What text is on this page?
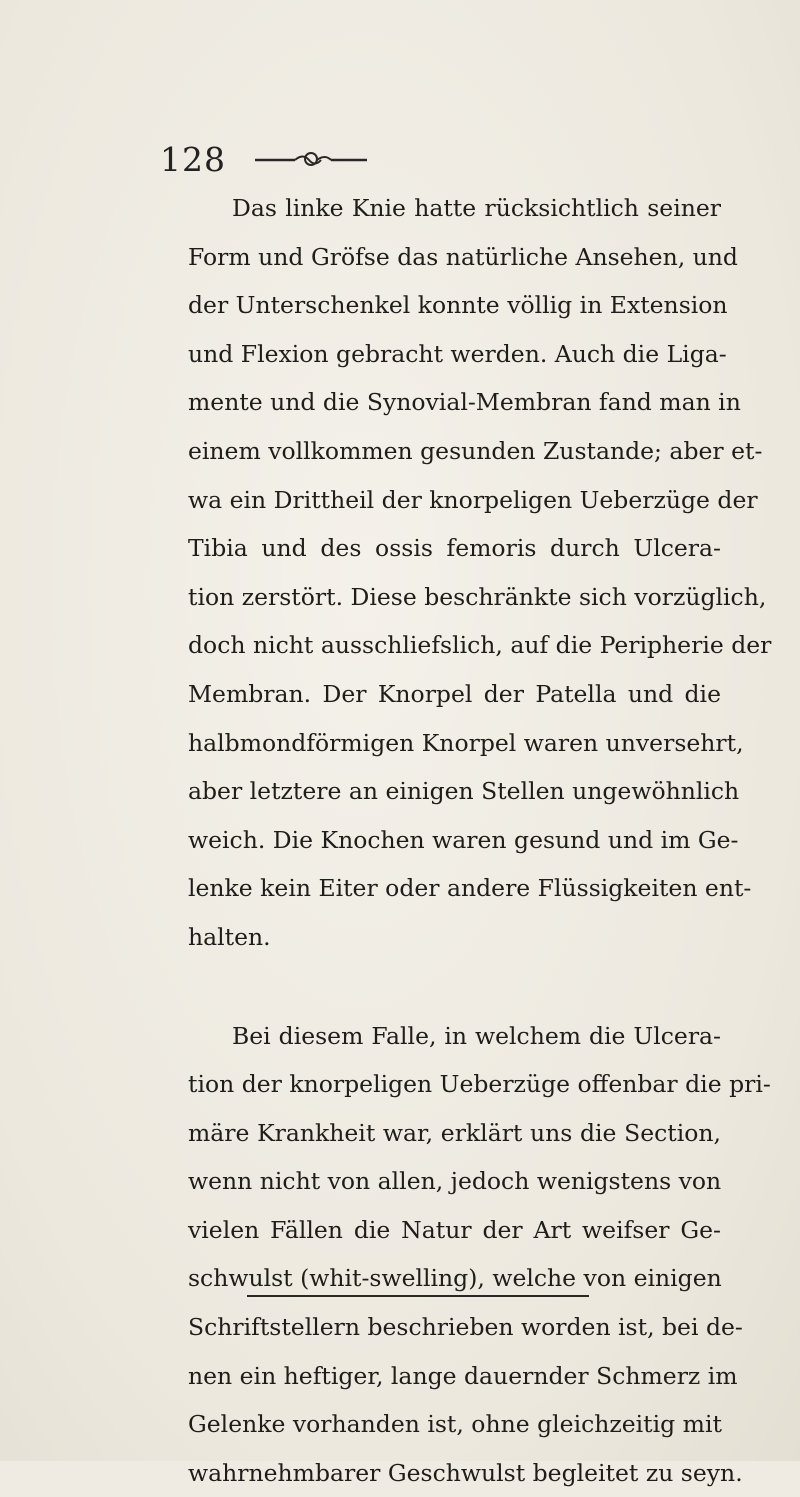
128
Das linke Knie hatte rücksichtlich seiner
Form und Gröfse das natürliche Ansehen, und
der Unterschenkel konnte völlig in Extension
und Flexion gebracht werden. Auch die Liga-
mente und die Synovial-Membran fand man in
einem vollkommen gesunden Zustande; aber et-
wa ein Drittheil der knorpeligen Ueberzüge der
Tibia und des ossis femoris durch Ulcera-
tion zerstört. Diese beschränkte sich vorzüglich,
doch nicht ausschliefslich, auf die Peripherie der
Membran. Der Knorpel der Patella und die
halbmondförmigen Knorpel waren unversehrt,
aber letztere an einigen Stellen ungewöhnlich
weich. Die Knochen waren gesund und im Ge-
lenke kein Eiter oder andere Flüssigkeiten ent-
halten.
Bei diesem Falle, in welchem die Ulcera-
tion der knorpeligen Ueberzüge offenbar die pri-
märe Krankheit war, erklärt uns die Section,
wenn nicht von allen, jedoch wenigstens von
vielen Fällen die Natur der Art weifser Ge-
schwulst (whit-swelling), welche von einigen
Schriftstellern beschrieben worden ist, bei de-
nen ein heftiger, lange dauernder Schmerz im
Gelenke vorhanden ist, ohne gleichzeitig mit
wahrnehmbarer Geschwulst begleitet zu seyn.
